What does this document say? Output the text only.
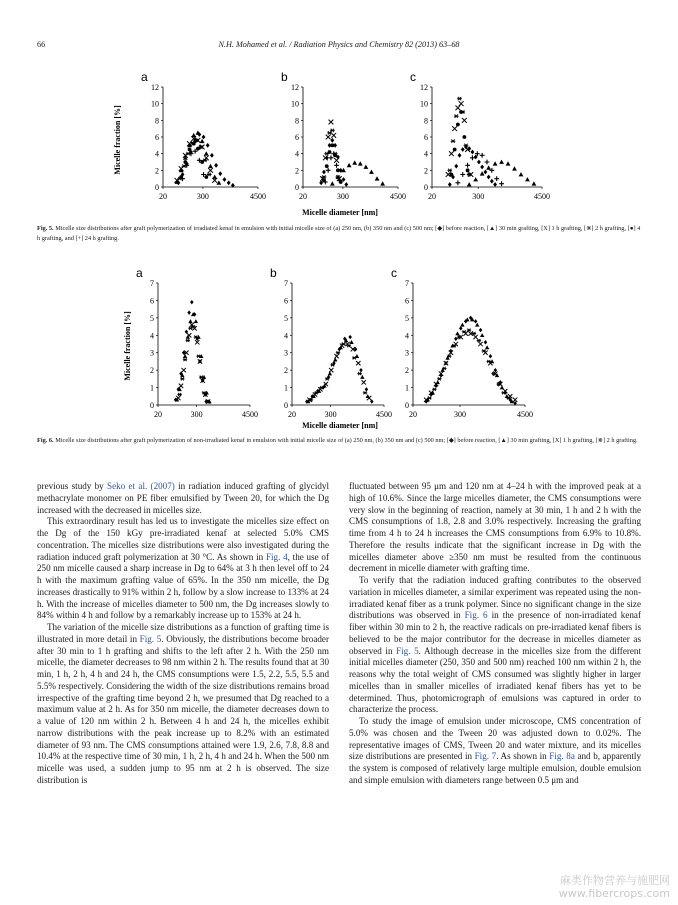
66	N.H. Mohamed et al. / Radiation Physics and Chemistry 82 (2013) 63–68
0
2
4
6
8
10
12
20	300	4500
a
0
2
4
6
8
10
12
20	300	4500
b
0
2
4
6
8
10
12
20	300	4500
c
Micelle fraction [%]
Micelle diameter [nm]
Fig. 5. Micelle size distributions after graft polymerization of irradiated kenaf in emulsion with initial micelle size of (a) 250 nm, (b) 350 nm and (c) 500 nm; [◆] before reaction, [▲] 30 min grafting, [X] 1 h grafting, [⋇] 2 h grafting, [●] 4 h grafting, and [+] 24 h grafting.
0
1
2
3
4
5
6
7
20	300	4500
a
0
1
2
3
4
5
6
7
20	300	4500
b
0
1
2
3
4
5
6
7
20	300	4500
c
Micelle fraction [%]
Micelle diameter [nm]
Fig. 6. Micelle size distributions after graft polymerization of non-irradiated kenaf in emulsion with initial micelle size of (a) 250 nm, (b) 350 nm and (c) 500 nm; [◆] before reaction, [▲] 30 min grafting, [X] 1 h grafting, [⋇] 2 h grafting.

previous study by Seko et al. (2007) in radiation induced grafting of glycidyl methacrylate monomer on PE fiber emulsified by Tween 20, for which the Dg increased with the decreased in micelles size.

This extraordinary result has led us to investigate the micelles size effect on the Dg of the 150 kGy pre-irradiated kenaf at selected 5.0% CMS concentration. The micelles size distributions were also investigated during the radiation induced graft polymerization at 30 °C. As shown in Fig. 4, the use of 250 nm micelle caused a sharp increase in Dg to 64% at 3 h then level off to 24 h with the maximum grafting value of 65%. In the 350 nm micelle, the Dg increases drastically to 91% within 2 h, follow by a slow increase to 133% at 24 h. With the increase of micelles diameter to 500 nm, the Dg increases slowly to 84% within 4 h and follow by a remarkably increase up to 153% at 24 h.

The variation of the micelle size distributions as a function of grafting time is illustrated in more detail in Fig. 5. Obviously, the distributions become broader after 30 min to 1 h grafting and shifts to the left after 2 h. With the 250 nm micelle, the diameter decreases to 98 nm within 2 h. The results found that at 30 min, 1 h, 2 h, 4 h and 24 h, the CMS consumptions were 1.5, 2.2, 5.5, 5.5 and 5.5% respectively. Considering the width of the size distributions remains broad irrespective of the grafting time beyond 2 h, we presumed that Dg reached to a maximum value at 2 h. As for 350 nm micelle, the diameter decreases down to a value of 120 nm within 2 h. Between 4 h and 24 h, the micelles exhibit narrow distributions with the peak increase up to 8.2% with an estimated diameter of 93 nm. The CMS consumptions attained were 1.9, 2.6, 7.8, 8.8 and 10.4% at the respective time of 30 min, 1 h, 2 h, 4 h and 24 h. When the 500 nm micelle was used, a sudden jump to 95 nm at 2 h is observed. The size distribution is

fluctuated between 95 μm and 120 nm at 4–24 h with the improved peak at a high of 10.6%. Since the large micelles diameter, the CMS consumptions were very slow in the beginning of reaction, namely at 30 min, 1 h and 2 h with the CMS consumptions of 1.8, 2.8 and 3.0% respectively. Increasing the grafting time from 4 h to 24 h increases the CMS consumptions from 6.9% to 10.8%. Therefore the results indicate that the significant increase in Dg with the micelles diameter above ≥350 nm must be resulted from the continuous decrement in micelle diameter with grafting time.

To verify that the radiation induced grafting contributes to the observed variation in micelles diameter, a similar experiment was repeated using the non-irradiated kenaf fiber as a trunk polymer. Since no significant change in the size distributions was observed in Fig. 6 in the presence of non-irradiated kenaf fiber within 30 min to 2 h, the reactive radicals on pre-irradiated kenaf fibers is believed to be the major contributor for the decrease in micelles diameter as observed in Fig. 5. Although decrease in the micelles size from the different initial micelles diameter (250, 350 and 500 nm) reached 100 nm within 2 h, the reasons why the total weight of CMS consumed was slightly higher in larger micelles than in smaller micelles of irradiated kenaf fibers has yet to be determined. Thus, photomicrograph of emulsions was captured in order to characterize the process.

To study the image of emulsion under microscope, CMS concentration of 5.0% was chosen and the Tween 20 was adjusted down to 0.02%. The representative images of CMS, Tween 20 and water mixture, and its micelles size distributions are presented in Fig. 7. As shown in Fig. 8a and b, apparently the system is composed of relatively large multiple emulsion, double emulsion and simple emulsion with diameters range between 0.5 μm and

麻类作物营养与施肥网
www.fibercrops.com
